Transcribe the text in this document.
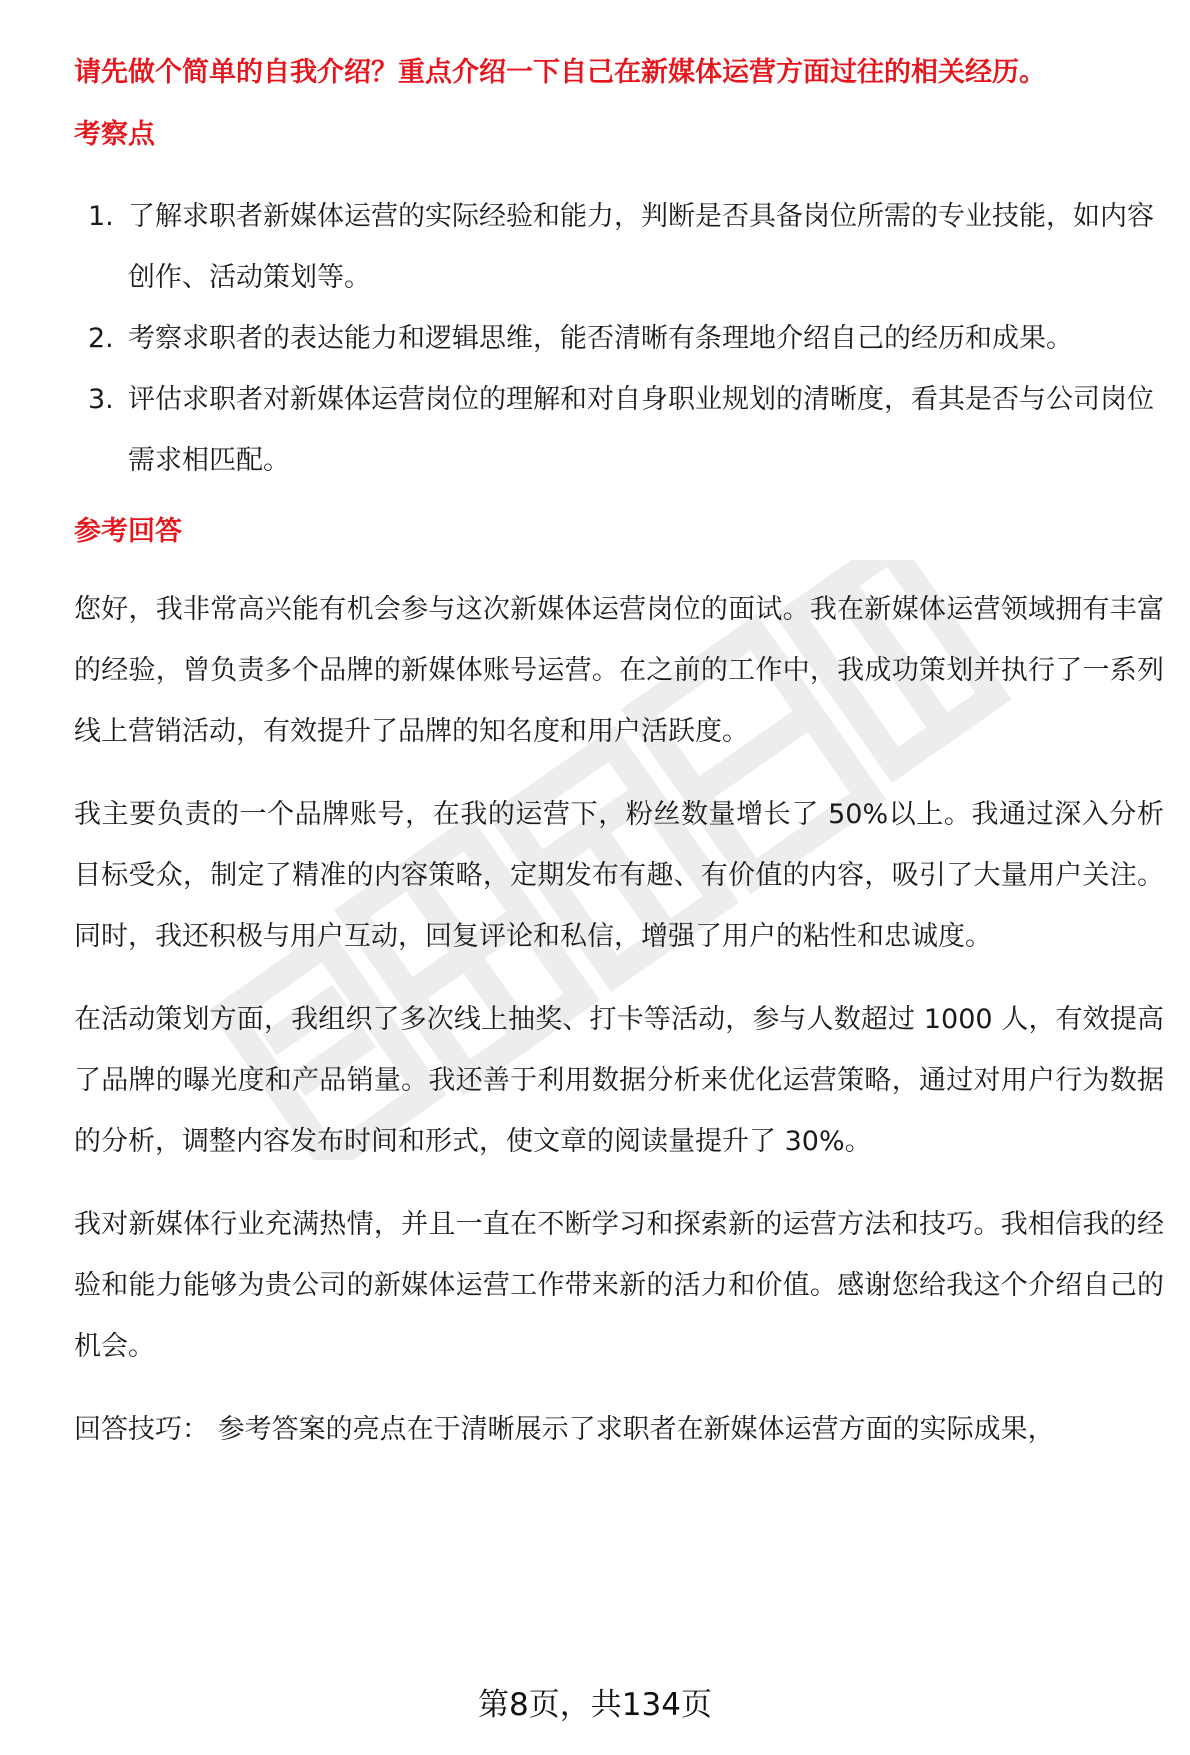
请先做个简单的自我介绍？重点介绍一下自己在新媒体运营方面过往的相关经历。

考察点
1. 了解求职者新媒体运营的实际经验和能力，判断是否具备岗位所需的专业技能，如内容创作、活动策划等。
2. 考察求职者的表达能力和逻辑思维，能否清晰有条理地介绍自己的经历和成果。
3. 评估求职者对新媒体运营岗位的理解和对自身职业规划的清晰度，看其是否与公司岗位需求相匹配。
参考回答

您好，我非常高兴能有机会参与这次新媒体运营岗位的面试。我在新媒体运营领域拥有丰富的经验，曾负责多个品牌的新媒体账号运营。在之前的工作中，我成功策划并执行了一系列线上营销活动，有效提升了品牌的知名度和用户活跃度。

我主要负责的一个品牌账号，在我的运营下，粉丝数量增长了 50%以上。我通过深入分析目标受众，制定了精准的内容策略，定期发布有趣、有价值的内容，吸引了大量用户关注。同时，我还积极与用户互动，回复评论和私信，增强了用户的粘性和忠诚度。

在活动策划方面，我组织了多次线上抽奖、打卡等活动，参与人数超过 1000 人，有效提高了品牌的曝光度和产品销量。我还善于利用数据分析来优化运营策略，通过对用户行为数据的分析，调整内容发布时间和形式，使文章的阅读量提升了 30%。

我对新媒体行业充满热情，并且一直在不断学习和探索新的运营方法和技巧。我相信我的经验和能力能够为贵公司的新媒体运营工作带来新的活力和价值。感谢您给我这个介绍自己的机会。

回答技巧： 参考答案的亮点在于清晰展示了求职者在新媒体运营方面的实际成果，

第8页，共134页
